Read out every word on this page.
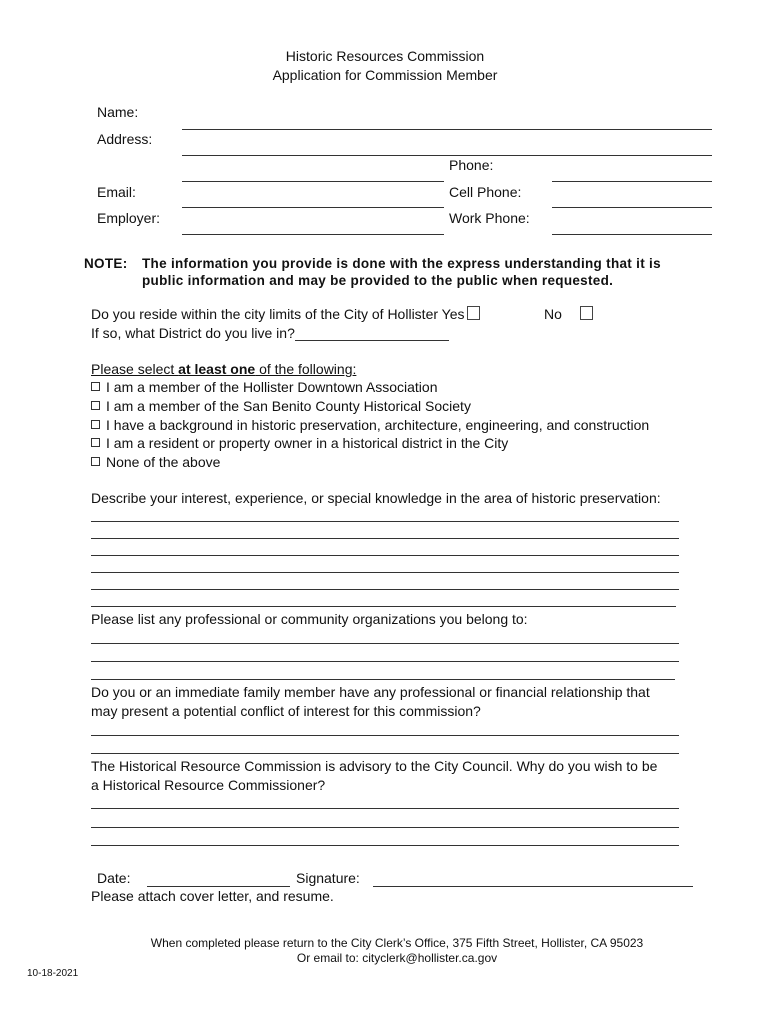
Historic Resources Commission
Application for Commission Member
Name:
Address:
Phone:
Email:	Cell Phone:
Employer:	Work Phone:
NOTE: The information you provide is done with the express understanding that it is
public information and may be provided to the public when requested.
Do you reside within the city limits of the City of Hollister Yes	No
If so, what District do you live in?
Please select at least one of the following:
I am a member of the Hollister Downtown Association
I am a member of the San Benito County Historical Society
I have a background in historic preservation, architecture, engineering, and construction
I am a resident or property owner in a historical district in the City
None of the above
Describe your interest, experience, or special knowledge in the area of historic preservation:
Please list any professional or community organizations you belong to:
Do you or an immediate family member have any professional or financial relationship that
may present a potential conflict of interest for this commission?
The Historical Resource Commission is advisory to the City Council. Why do you wish to be
a Historical Resource Commissioner?
Date:	Signature:
Please attach cover letter, and resume.
When completed please return to the City Clerk’s Office, 375 Fifth Street, Hollister, CA 95023
Or email to: cityclerk@hollister.ca.gov
10-18-2021
